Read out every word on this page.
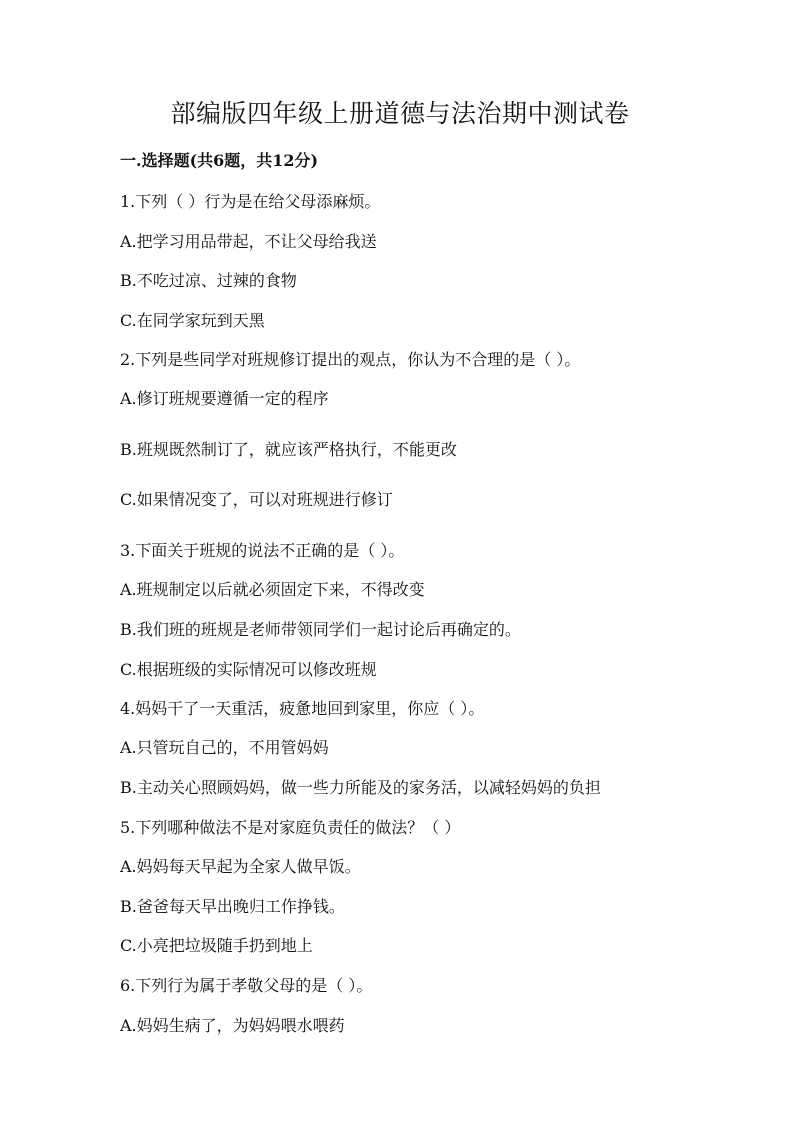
部编版四年级上册道德与法治期中测试卷
一.选择题(共6题，共12分)
1.下列（ ）行为是在给父母添麻烦。
A.把学习用品带起，不让父母给我送
B.不吃过凉、过辣的食物
C.在同学家玩到天黑
2.下列是些同学对班规修订提出的观点，你认为不合理的是（ ）。
A.修订班规要遵循一定的程序
B.班规既然制订了，就应该严格执行，不能更改
C.如果情况变了，可以对班规进行修订
3.下面关于班规的说法不正确的是（ ）。
A.班规制定以后就必须固定下来，不得改变
B.我们班的班规是老师带领同学们一起讨论后再确定的。
C.根据班级的实际情况可以修改班规
4.妈妈干了一天重活，疲惫地回到家里，你应（ ）。
A.只管玩自己的，不用管妈妈
B.主动关心照顾妈妈，做一些力所能及的家务活，以减轻妈妈的负担
5.下列哪种做法不是对家庭负责任的做法？（ ）
A.妈妈每天早起为全家人做早饭。
B.爸爸每天早出晚归工作挣钱。
C.小亮把垃圾随手扔到地上
6.下列行为属于孝敬父母的是（ ）。
A.妈妈生病了，为妈妈喂水喂药
